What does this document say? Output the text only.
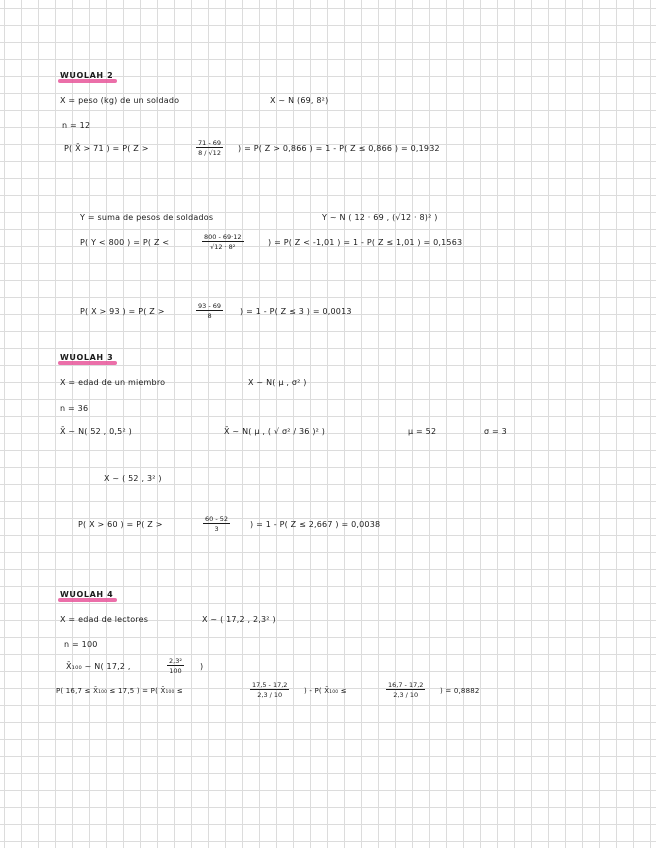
WUOLAH 2
X = peso (kg) de un soldado	X ~ N (69, 8²)
n = 12
P( X̄ > 71 ) = P( Z >	$\frac{71 - 69}{8 / √12}$ ) = P( Z > 0,866 ) = 1 - P( Z ≤ 0,866 ) = 0,1932
Y = suma de pesos de soldados	Y ~ N ( 12 · 69 , (√12 · 8)² )
P( Y < 800 ) = P( Z <	$\frac{800 - 69\cdot 12}{\text{√12 · 8²}}$	) = P( Z < -1,01 ) = 1 - P( Z ≤ 1,01 ) = 0,1563
P( X > 93 ) = P( Z >	$\frac{93 - 69}{8}$ ) = 1 - P( Z ≤ 3 ) = 0,0013
WUOLAH 3
X = edad de un miembro	X ~ N( μ , σ² )
n = 36
X̄ ~ N( 52 , 0,5² )	X̄ ~ N( μ , ( √ σ² / 36 )² )	μ = 52	σ = 3
X ~ ( 52 , 3² )
P( X > 60 ) = P( Z >	$\frac{60 - 52}{3}$ ) = 1 - P( Z ≤ 2,667 ) = 0,0038
WUOLAH 4
X = edad de lectores	X ~ ( 17,2 , 2,3² )
n = 100
X̄₁₀₀ ~ N( 17,2 ,	$\frac{\text{2,3²}}{100}$ )
P( 16,7 ≤ X̄₁₀₀ ≤ 17,5 ) = P( X̄₁₀₀ ≤	$\frac{17,5 - 17,2}{2,3 / 10}$ ) - P( X̄₁₀₀ ≤	$\frac{16,7 - 17,2}{2,3 / 10}$ ) = 0,8882
